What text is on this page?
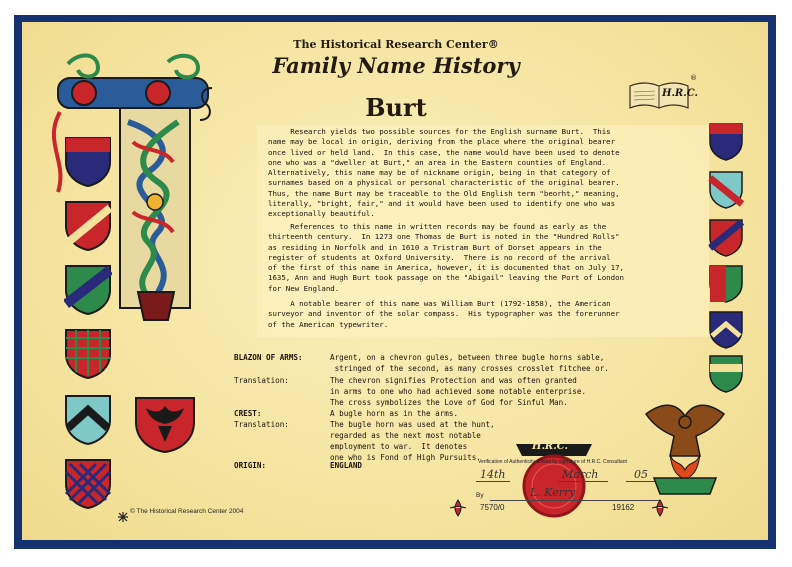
The Historical Research Center®
Family Name History
Burt	H.R.C.
®
Research yields two possible sources for the English surname Burt.  This
name may be local in origin, deriving from the place where the original bearer
once lived or held land.  In this case, the name would have been used to denote
one who was a "dweller at Burt," an area in the Eastern counties of England.
Alternatively, this name may be of nickname origin, being in that category of
surnames based on a physical or personal characteristic of the original bearer.
Thus, the name Burt may be traceable to the Old English term "beorht," meaning,
literally, "bright, fair," and it would have been used to identify one who was
exceptionally beautiful.
References to this name in written records may be found as early as the
thirteenth century.  In 1273 one Thomas de Burt is noted in the "Hundred Rolls"
as residing in Norfolk and in 1610 a Tristram Burt of Dorset appears in the
register of students at Oxford University.  There is no record of the arrival
of the first of this name in America, however, it is documented that on July 17,
1635, Ann and Hugh Burt took passage on the "Abigail" leaving the Port of London
for New England.
A notable bearer of this name was William Burt (1792-1858), the American
surveyor and inventor of the solar compass.  His typographer was the forerunner
of the American typewriter.
BLAZON OF ARMS:	Argent, on a chevron gules, between three bugle horns sable,
stringed of the second, as many crosses crosslet fitchee or.
Translation:	The chevron signifies Protection and was often granted
in arms to one who had achieved some notable enterprise.
The cross symbolizes the Love of God for Sinful Man.
CREST:	A bugle horn as in the arms.
Translation:	The bugle horn was used at the hunt,
regarded as the next most notable
employment to war.  It denotes
one who is Fond of High Pursuits.
ORIGIN:	ENGLAND
H.R.C.
Verification of Authenticity affixed by signature of H.R.C. Consultant
14th	March	05
By	L. Kerry
7570/0	19162
© The Historical Research Center 2004
